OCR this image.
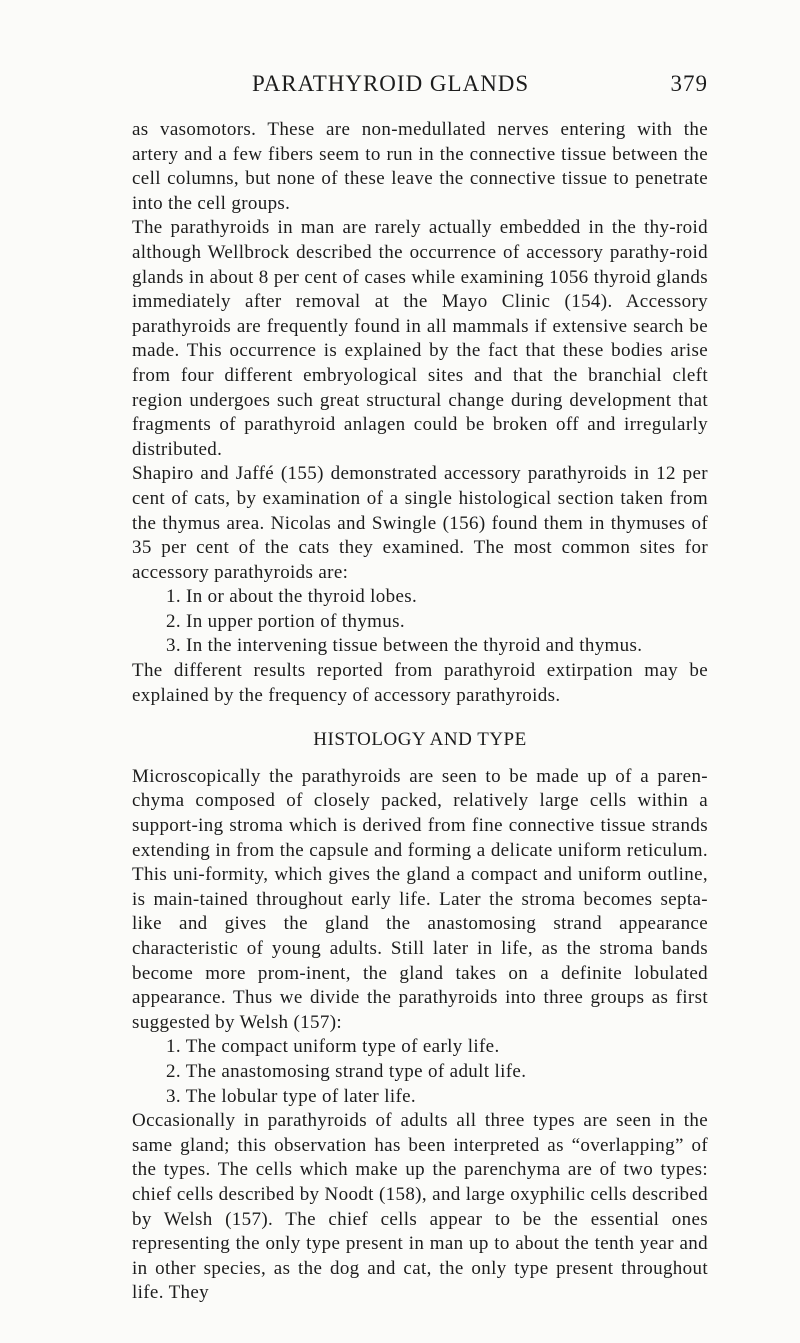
PARATHYROID GLANDS	379

as vasomotors. These are non-medullated nerves entering with the artery and a few fibers seem to run in the connective tissue between the cell columns, but none of these leave the connective tissue to penetrate into the cell groups.

The parathyroids in man are rarely actually embedded in the thy-roid although Wellbrock described the occurrence of accessory parathy-roid glands in about 8 per cent of cases while examining 1056 thyroid glands immediately after removal at the Mayo Clinic (154). Accessory parathyroids are frequently found in all mammals if extensive search be made. This occurrence is explained by the fact that these bodies arise from four different embryological sites and that the branchial cleft region undergoes such great structural change during development that fragments of parathyroid anlagen could be broken off and irregularly distributed.

Shapiro and Jaffé (155) demonstrated accessory parathyroids in 12 per cent of cats, by examination of a single histological section taken from the thymus area. Nicolas and Swingle (156) found them in thymuses of 35 per cent of the cats they examined. The most common sites for accessory parathyroids are:

1. In or about the thyroid lobes.
2. In upper portion of thymus.
3. In the intervening tissue between the thyroid and thymus.

The different results reported from parathyroid extirpation may be explained by the frequency of accessory parathyroids.

HISTOLOGY AND TYPE

Microscopically the parathyroids are seen to be made up of a paren-chyma composed of closely packed, relatively large cells within a support-ing stroma which is derived from fine connective tissue strands extending in from the capsule and forming a delicate uniform reticulum. This uni-formity, which gives the gland a compact and uniform outline, is main-tained throughout early life. Later the stroma becomes septa-like and gives the gland the anastomosing strand appearance characteristic of young adults. Still later in life, as the stroma bands become more prom-inent, the gland takes on a definite lobulated appearance. Thus we divide the parathyroids into three groups as first suggested by Welsh (157):

1. The compact uniform type of early life.
2. The anastomosing strand type of adult life.
3. The lobular type of later life.

Occasionally in parathyroids of adults all three types are seen in the same gland; this observation has been interpreted as “overlapping” of the types. The cells which make up the parenchyma are of two types: chief cells described by Noodt (158), and large oxyphilic cells described by Welsh (157). The chief cells appear to be the essential ones representing the only type present in man up to about the tenth year and in other species, as the dog and cat, the only type present throughout life. They
